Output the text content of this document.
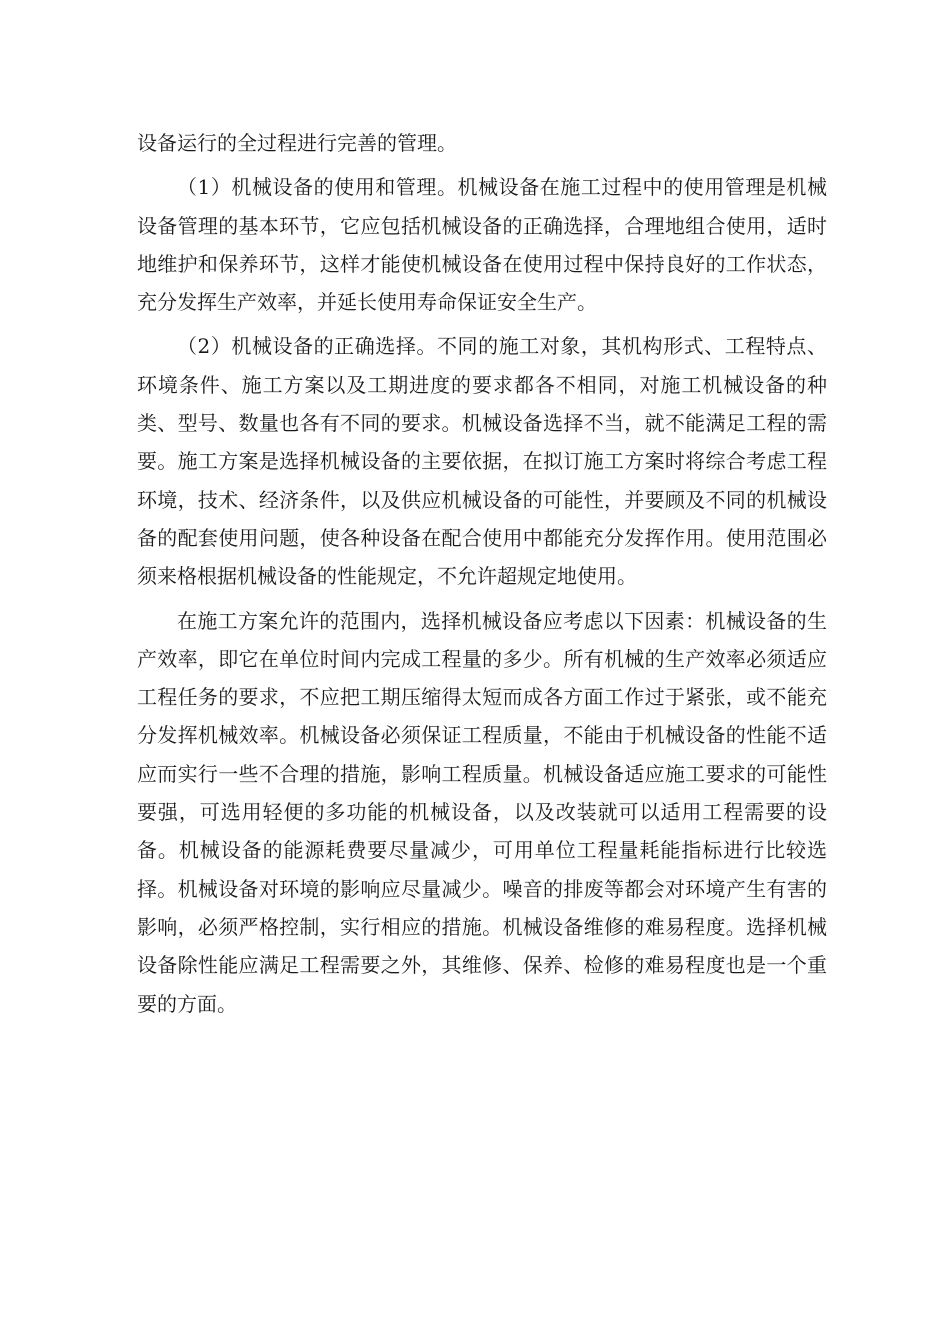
设备运行的全过程进行完善的管理。

（1）机械设备的使用和管理。机械设备在施工过程中的使用管理是机械设备管理的基本环节，它应包括机械设备的正确选择，合理地组合使用，适时地维护和保养环节，这样才能使机械设备在使用过程中保持良好的工作状态，充分发挥生产效率，并延长使用寿命保证安全生产。

（2）机械设备的正确选择。不同的施工对象，其机构形式、工程特点、环境条件、施工方案以及工期进度的要求都各不相同，对施工机械设备的种类、型号、数量也各有不同的要求。机械设备选择不当，就不能满足工程的需要。施工方案是选择机械设备的主要依据，在拟订施工方案时将综合考虑工程环境，技术、经济条件，以及供应机械设备的可能性，并要顾及不同的机械设备的配套使用问题，使各种设备在配合使用中都能充分发挥作用。使用范围必须来格根据机械设备的性能规定，不允许超规定地使用。

在施工方案允许的范围内，选择机械设备应考虑以下因素：机械设备的生产效率，即它在单位时间内完成工程量的多少。所有机械的生产效率必须适应工程任务的要求，不应把工期压缩得太短而成各方面工作过于紧张，或不能充分发挥机械效率。机械设备必须保证工程质量，不能由于机械设备的性能不适应而实行一些不合理的措施，影响工程质量。机械设备适应施工要求的可能性要强，可选用轻便的多功能的机械设备，以及改装就可以适用工程需要的设备。机械设备的能源耗费要尽量减少，可用单位工程量耗能指标进行比较选择。机械设备对环境的影响应尽量减少。噪音的排废等都会对环境产生有害的影响，必须严格控制，实行相应的措施。机械设备维修的难易程度。选择机械设备除性能应满足工程需要之外，其维修、保养、检修的难易程度也是一个重要的方面。
